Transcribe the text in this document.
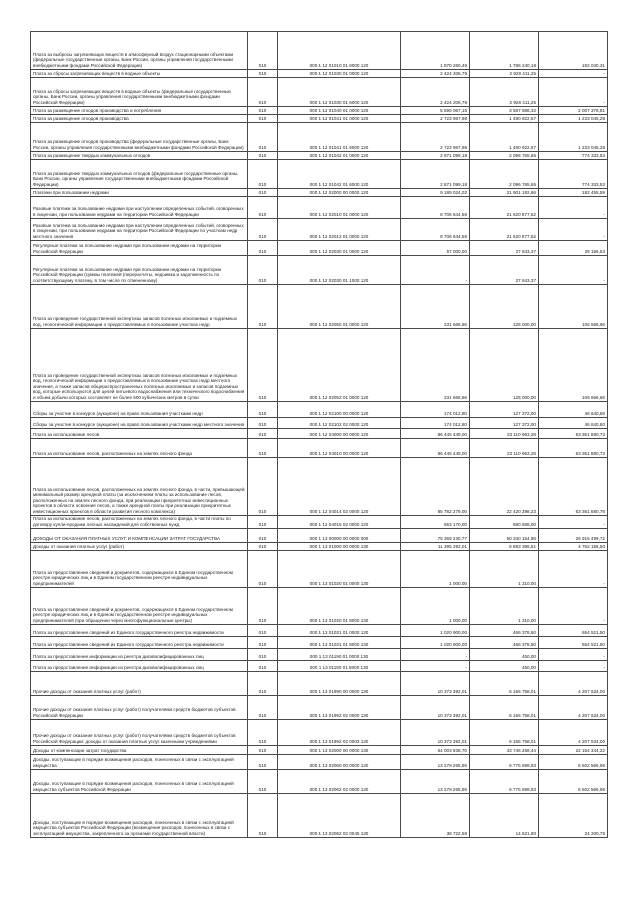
Плата за выбросы загрязняющих веществ в атмосферный воздух стационарными объектами (федеральные государственные органы, Банк России, органы управления государственными внебюджетными фондами Российской Федерации)	010	000 1 12 01010 01 6000 120	1 970 260,49	1 786 240,18	182 040,31
Плата за сбросы загрязняющих веществ в водные объекты	010	000 1 12 01030 01 0000 120	2 424 206,79	2 928 411,25	-
Плата за сбросы загрязняющих веществ в водные объекты (федеральные государственные органы, Банк России, органы управления государственными внебюджетными фондами Российской Федерации)	010	000 1 12 01030 01 6000 120	2 424 206,79	2 928 411,25	-
Плата за размещение отходов производства и потребления	010	000 1 12 01040 01 0000 120	5 595 067,15	3 587 688,32	2 007 378,81
Плата за размещение отходов производства	010	000 1 12 01041 01 0000 120	2 723 967,98	1 490 922,67	1 233 045,28
Плата за размещение отходов производства (федеральные государственные органы, Банк России, органы управления государственными внебюджетными фондами Российской Федерации)	010	000 1 12 01041 01 6000 120	2 723 967,98	1 490 922,67	1 233 045,28
Плата за размещение твердых коммунальных отходов	010	000 1 12 01042 01 0000 120	2 871 099,18	2 096 765,65	774 333,53
Плата за размещение твердых коммунальных отходов (федеральные государственные органы, Банк России, органы управления государственными внебюджетными фондами Российской Федерации)	010	000 1 12 01042 01 6000 120	2 871 099,18	2 096 765,65	774 333,53
Платежи при пользовании недрами	010	000 1 12 02000 00 0000 120	9 189 024,02	21 901 192,66	182 455,59
Разовые платежи за пользование недрами при наступлении определенных событий, оговоренных в лицензии, при пользовании недрами на территории Российской Федерации	010	000 1 12 02010 01 0000 120	8 706 644,56	21 620 977,62	-
Разовые платежи за пользование недрами при наступлении определенных событий, оговоренных в лицензии, при пользовании недрами на территории Российской Федерации по участкам недр местного значения	010	000 1 12 02012 01 0000 120	8 706 644,56	21 620 977,62	-
Регулярные платежи за пользование недрами при пользовании недрами на территории Российской Федерации	010	000 1 12 02030 01 0000 120	57 000,00	27 843,37	29 156,63
Регулярные платежи за пользование недрами при пользовании недрами на территории Российской Федерации (суммы платежей (перерасчеты, недоимка и задолженность по соответствующему платежу, в том числе по отмененному)	010	000 1 12 02030 01 1000 120	-	27 843,37	-
Плата за проведение государственной экспертизы запасов полезных ископаемых и подземных вод, геологической информации о предоставляемых в пользование участках недр	010	000 1 12 02050 01 0000 120	231 666,66	125 000,00	106 666,66
Плата за проведение государственной экспертизы запасов полезных ископаемых и подземных вод, геологической информации о предоставляемых в пользование участках недр местного значения, а также запасов общераспространенных полезных ископаемых и запасов подземных вод, которые используются для целей питьевого водоснабжения или технического водоснабжения и объем добычи которых составляет не более 500 кубических метров в сутки	010	000 1 12 02052 01 0000 120	231 666,66	125 000,00	106 666,66
Сборы за участие в конкурсе (аукционе) на право пользования участками недр	010	000 1 12 02100 00 0000 120	174 012,80	127 372,00	46 640,80
Сборы за участие в конкурсе (аукционе) на право пользования участками недр местного значения	010	000 1 12 02102 02 0000 120	174 012,80	127 372,00	46 640,80
Плата за использование лесов	010	000 1 12 04000 00 0000 120	86 445 449,00	23 110 963,28	63 361 880,73
Плата за использование лесов, расположенных на землях лесного фонда	010	000 1 12 04010 00 0000 120	86 445 449,00	23 110 963,28	63 361 880,73
Плата за использование лесов, расположенных на землях лесного фонда, в части, превышающей минимальный размер арендной платы (за исключением платы за использование лесов, расположенных на землях лесного фонда, при реализации приоритетных инвестиционных проектов в области освоения лесов, а также арендной платы при реализации приоритетных инвестиционных проектов в области развития лесного комплекса)	010	000 1 12 04014 02 0000 120	85 782 279,00	22 420 398,23	63 361 880,78
Плата за использование лесов, расположенных на землях лесного фонда, в части платы по договору купли-продажи лесных насаждений для собственных нужд	010	000 1 12 04015 02 0000 120	663 170,00	690 565,00	-
ДОХОДЫ ОТ ОКАЗАНИЯ ПЛАТНЫХ УСЛУГ И КОМПЕНСАЦИИ ЗАТРАТ ГОСУДАРСТВА	010	000 1 13 00000 00 0000 000	75 369 230,77	50 340 154,96	26 916 499,72
Доходы от оказания платных услуг (работ)	010	000 1 13 01000 00 0000 130	11 395 292,01	6 693 396,51	4 762 155,50
Плата за предоставление сведений и документов, содержащихся в Едином государственном реестре юридических лиц и в Едином государственном реестре индивидуальных предпринимателей	010	000 1 13 01020 01 0000 130	1 000,00	1 310,00	-
Плата за предоставление сведений и документов, содержащихся в Едином государственном реестре юридических лиц и в Едином государственном реестре индивидуальных предпринимателей (при обращении через многофункциональные центры)	010	000 1 13 01020 01 8000 130	1 000,00	1 310,00	-
Плата за предоставление сведений из Единого государственного реестра недвижимости	010	000 1 13 01031 01 0000 130	1 020 900,00	466 378,50	554 521,50
Плата за предоставление сведений из Единого государственного реестра недвижимости	010	000 1 13 01031 01 8000 130	1 020 900,00	466 378,50	554 521,50
Плата за предоставление информации из реестра дисквалифицированных лиц	010	000 1 13 01190 01 0000 130	-	450,00	-
Плата за предоставление информации из реестра дисквалифицированных лиц	010	000 1 13 01190 01 8000 130	-	450,00	-
Прочие доходы от оказания платных услуг (работ)	010	000 1 13 01990 00 0000 130	10 373 392,01	6 165 758,01	4 207 634,00
Прочие доходы от оказания платных услуг (работ) получателями средств бюджетов субъектов Российской Федерации	010	000 1 13 01992 02 0000 130	10 373 392,01	6 165 758,01	4 207 634,00
Прочие доходы от оказания платных услуг (работ) получателями средств бюджетов субъектов Российской Федерации: доходы от оказания платных услуг казенными учреждениями	010	000 1 13 01992 02 0003 130	10 373 392,01	6 165 758,01	4 207 634,00
Доходы от компенсации затрат государства	010	000 1 13 02000 00 0000 130	64 003 938,76	43 746 258,44	22 154 344,22
Доходы, поступающие в порядке возмещения расходов, понесенных в связи с эксплуатацией имущества	010	000 1 13 02060 00 0000 130	13 278 265,89	6 775 699,93	6 502 565,96
Доходы, поступающие в порядке возмещения расходов, понесенных в связи с эксплуатацией имущества субъектов Российской Федерации	010	000 1 13 02062 02 0000 130	13 278 265,89	6 775 699,93	6 502 565,96
Доходы, поступающие в порядке возмещения расходов, понесенных в связи с эксплуатацией имущества субъектов Российской Федерации (возмещение расходов, понесенных в связи с эксплуатацией имущества, закрепленного за органами государственной власти)	010	000 1 13 02062 02 0045 130	38 722,58	14 521,80	24 200,75
